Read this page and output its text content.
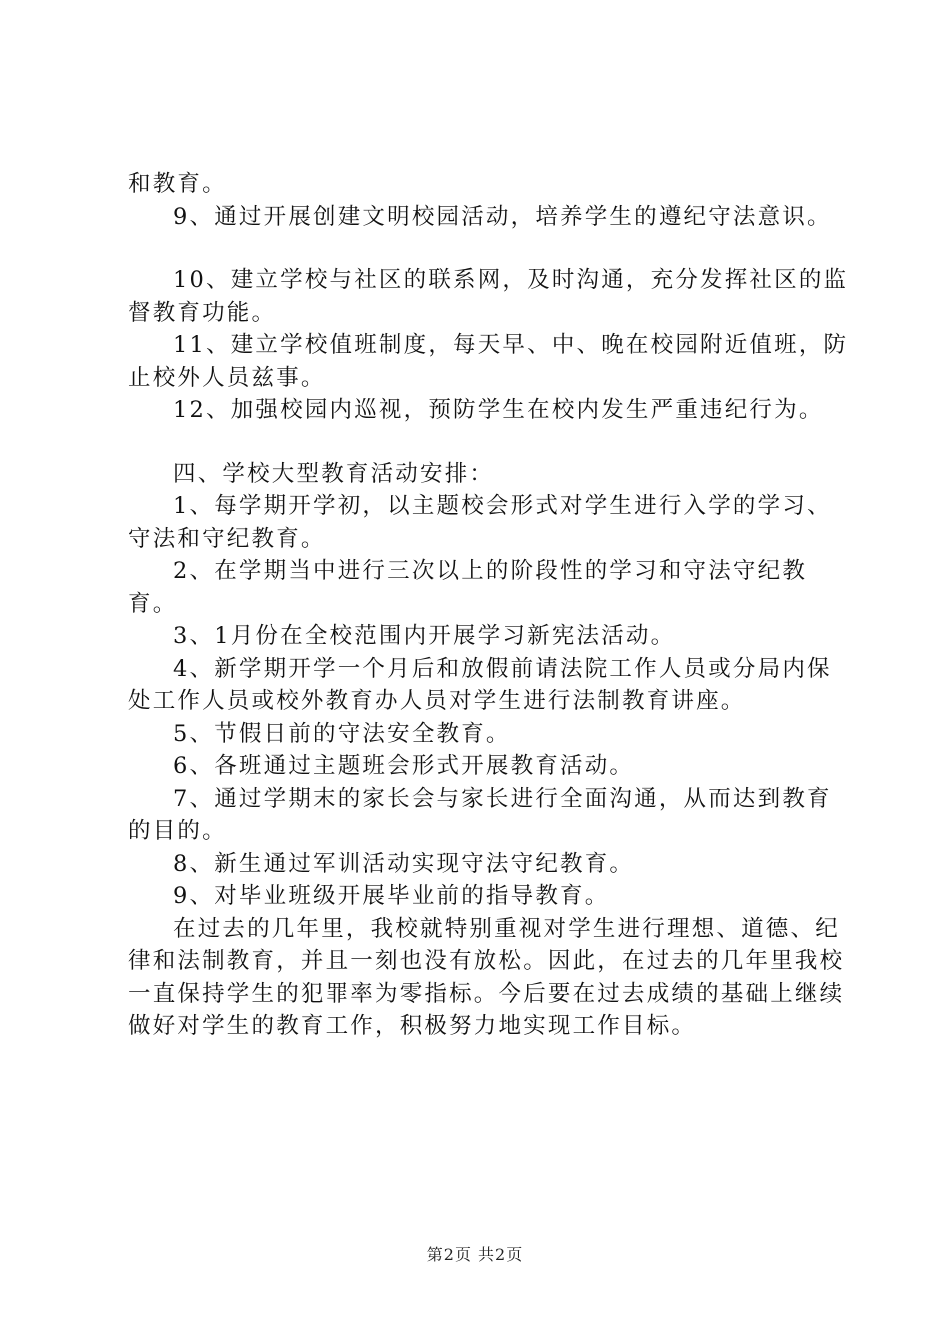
和教育。

9、通过开展创建文明校园活动，培养学生的遵纪守法意识。

10、建立学校与社区的联系网，及时沟通，充分发挥社区的监督教育功能。

11、建立学校值班制度，每天早、中、晚在校园附近值班，防止校外人员兹事。

12、加强校园内巡视，预防学生在校内发生严重违纪行为。

四、学校大型教育活动安排：

1、每学期开学初，以主题校会形式对学生进行入学的学习、守法和守纪教育。

2、在学期当中进行三次以上的阶段性的学习和守法守纪教育。

3、1月份在全校范围内开展学习新宪法活动。

4、新学期开学一个月后和放假前请法院工作人员或分局内保处工作人员或校外教育办人员对学生进行法制教育讲座。

5、节假日前的守法安全教育。

6、各班通过主题班会形式开展教育活动。

7、通过学期末的家长会与家长进行全面沟通，从而达到教育的目的。

8、新生通过军训活动实现守法守纪教育。

9、对毕业班级开展毕业前的指导教育。

在过去的几年里，我校就特别重视对学生进行理想、道德、纪律和法制教育，并且一刻也没有放松。因此，在过去的几年里我校一直保持学生的犯罪率为零指标。今后要在过去成绩的基础上继续做好对学生的教育工作，积极努力地实现工作目标。

第2页 共2页
